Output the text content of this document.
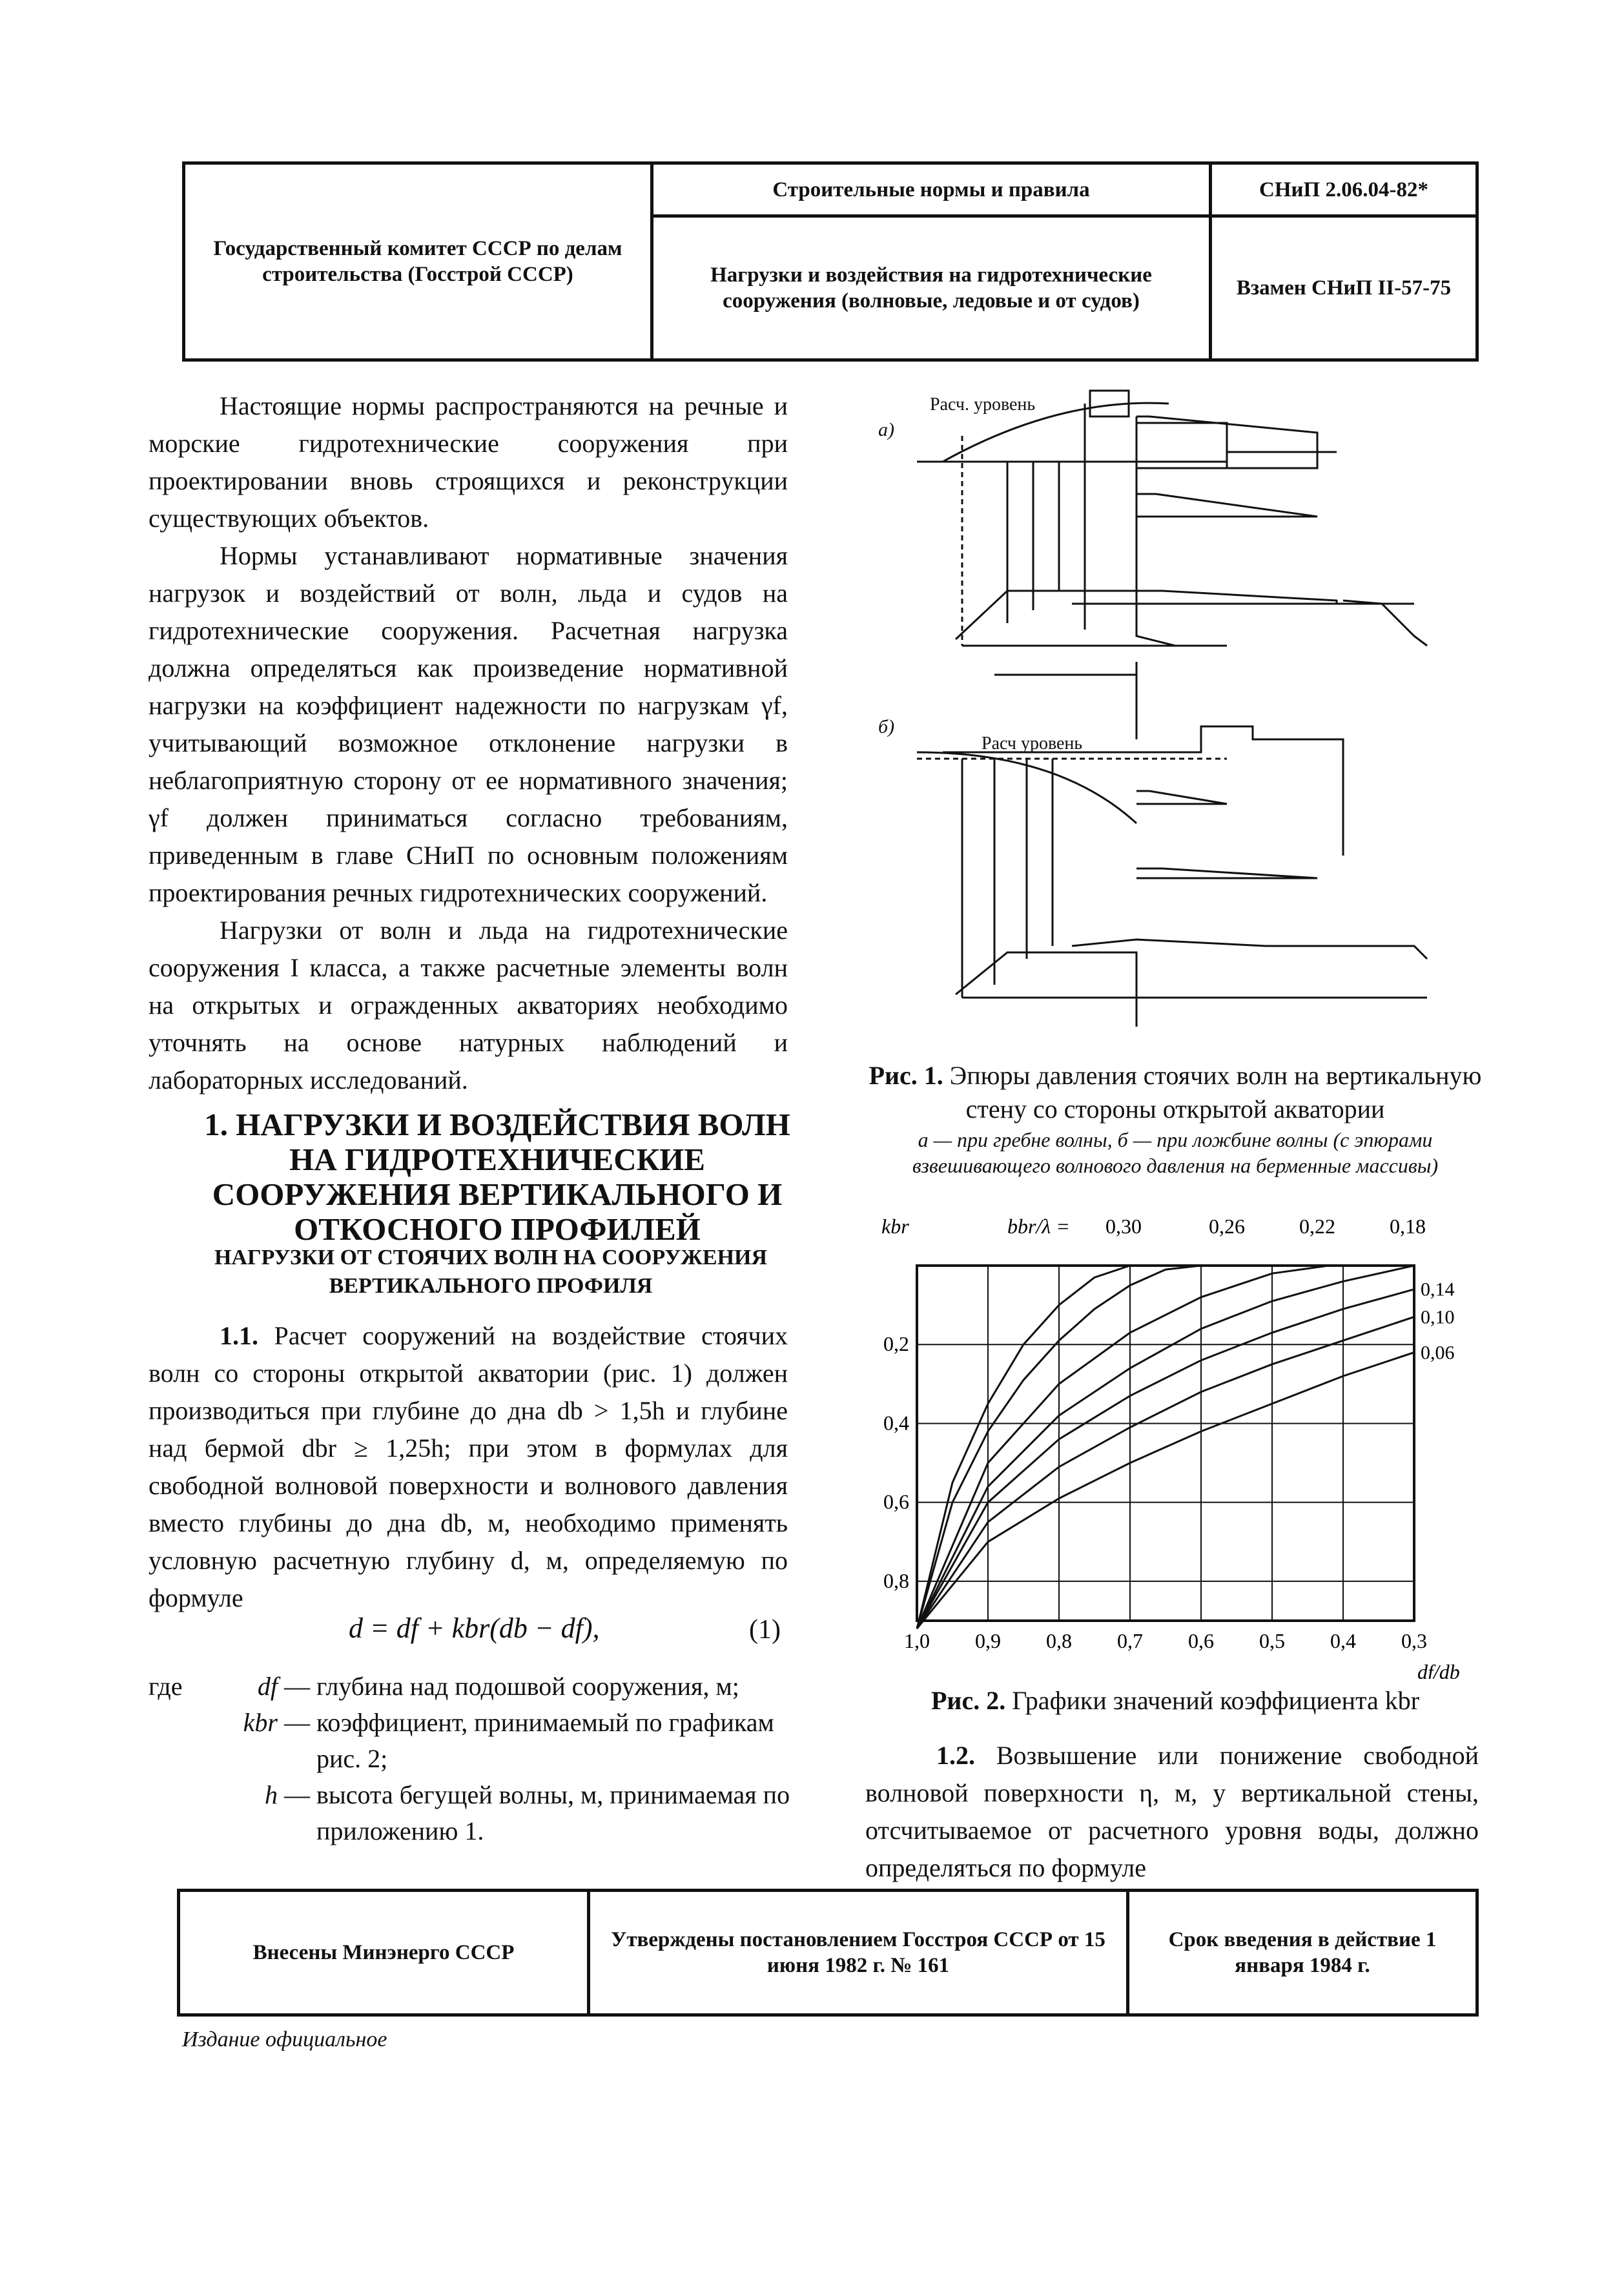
Государственный комитет СССР по делам строительства (Госстрой СССР)	Строительные нормы и правила	СНиП 2.06.04-82*
	Нагрузки и воздействия на гидротехнические сооружения (волновые, ледовые и от судов)	Взамен СНиП II-57-75

Настоящие нормы распространяются на речные и морские гидротехнические сооружения при проектировании вновь строящихся и реконструкции существующих объектов.

Нормы устанавливают нормативные значения нагрузок и воздействий от волн, льда и судов на гидротехнические сооружения. Расчетная нагрузка должна определяться как произведение нормативной нагрузки на коэффициент надежности по нагрузкам γf, учитывающий возможное отклонение нагрузки в неблагоприятную сторону от ее нормативного значения; γf должен приниматься согласно требованиям, приведенным в главе СНиП по основным положениям проектирования речных гидротехнических сооружений.

Нагрузки от волн и льда на гидротехнические сооружения I класса, а также расчетные элементы волн на открытых и огражденных акваториях необходимо уточнять на основе натурных наблюдений и лабораторных исследований.

1. НАГРУЗКИ И ВОЗДЕЙСТВИЯ ВОЛН НА ГИДРОТЕХНИЧЕСКИЕ СООРУЖЕНИЯ ВЕРТИКАЛЬНОГО И ОТКОСНОГО ПРОФИЛЕЙ
НАГРУЗКИ ОТ СТОЯЧИХ ВОЛН НА СООРУЖЕНИЯ ВЕРТИКАЛЬНОГО ПРОФИЛЯ

1.1. Расчет сооружений на воздействие стоячих волн со стороны открытой акватории (рис. 1) должен производиться при глубине до дна db > 1,5h и глубине над бермой dbr ≥ 1,25h; при этом в формулах для свободной волновой поверхности и волнового давления вместо глубины до дна db, м, необходимо применять условную расчетную глубину d, м, определяемую по формуле

d = df + kbr(db − df),	(1)
где	df — глубина над подошвой сооружения, м;
kbr — коэффициент, принимаемый по графикам рис. 2;
h — высота бегущей волны, м, принимаемая по приложению 1.
а)
б)
Расч. уровень
Расч уровень
Рис. 1. Эпюры давления стоячих волн на вертикальную стену со стороны открытой акватории
а — при гребне волны, б — при ложбине волны (с эпюрами взвешивающего волнового давления на берменные массивы)
1,0 0,9 0,8 0,7 0,6 0,5 0,4 0,3
0,2
0,4
0,6
0,8
kbr
df/db
bbr/λ = 0,30	0,26	0,22	0,18
0,14
0,10
0,06
Рис. 2. Графики значений коэффициента kbr

1.2. Возвышение или понижение свободной волновой поверхности η, м, у вертикальной стены, отсчитываемое от расчетного уровня воды, должно определяться по формуле

Внесены Минэнерго СССР	Утверждены постановлением Госстроя СССР от 15 июня 1982 г. № 161	Срок введения в действие 1 января 1984 г.
Издание официальное
